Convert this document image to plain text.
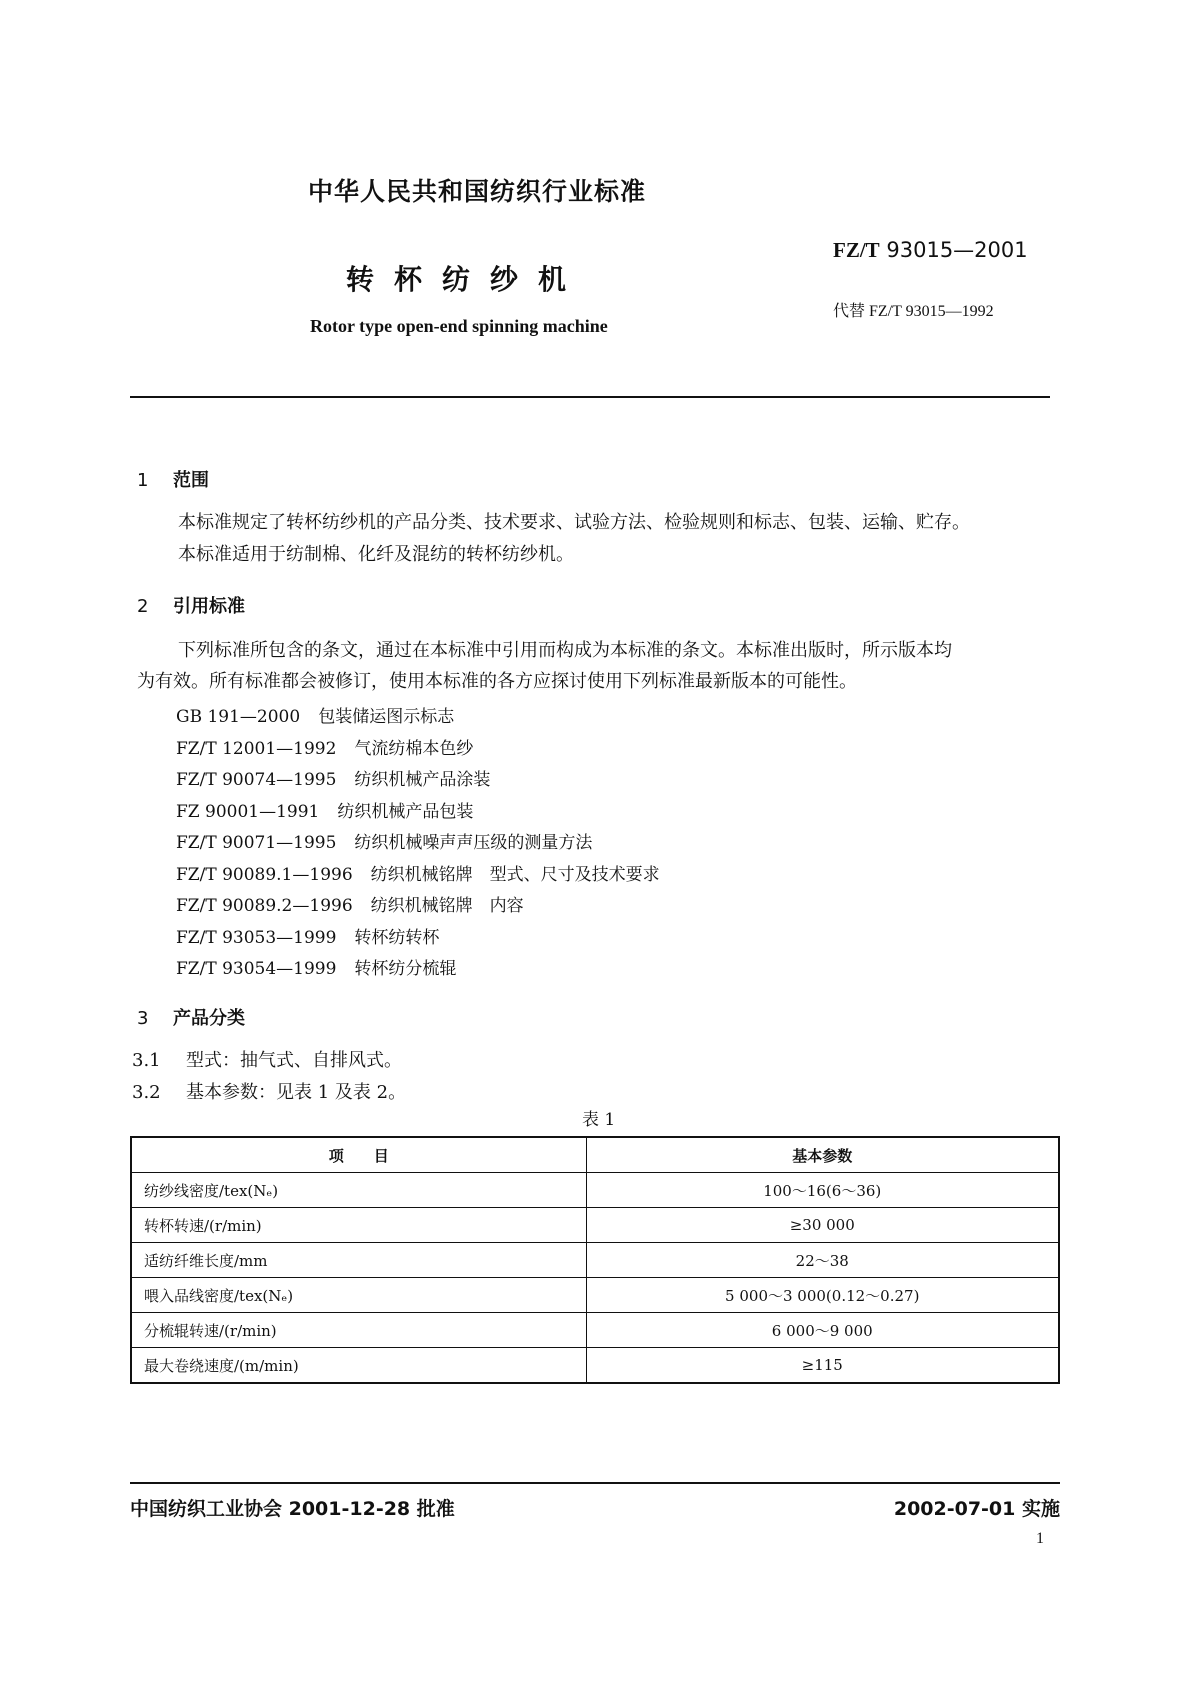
中华人民共和国纺织行业标准
FZ/T 93015—2001
转杯纺纱机
代替 FZ/T 93015—1992
Rotor type open-end spinning machine
1 范围
本标准规定了转杯纺纱机的产品分类、技术要求、试验方法、检验规则和标志、包装、运输、贮存。
本标准适用于纺制棉、化纤及混纺的转杯纺纱机。
2 引用标准
下列标准所包含的条文，通过在本标准中引用而构成为本标准的条文。本标准出版时，所示版本均
为有效。所有标准都会被修订，使用本标准的各方应探讨使用下列标准最新版本的可能性。
GB 191—2000 包装储运图示标志
FZ/T 12001—1992 气流纺棉本色纱
FZ/T 90074—1995 纺织机械产品涂装
FZ 90001—1991 纺织机械产品包装
FZ/T 90071—1995 纺织机械噪声声压级的测量方法
FZ/T 90089.1—1996 纺织机械铭牌　型式、尺寸及技术要求
FZ/T 90089.2—1996 纺织机械铭牌　内容
FZ/T 93053—1999 转杯纺转杯
FZ/T 93054—1999 转杯纺分梳辊
3 产品分类
3.1 型式：抽气式、自排风式。
3.2 基本参数：见表 1 及表 2。
表 1
项　　目	基本参数
纺纱线密度/tex(Nₑ)	100～16(6～36)
转杯转速/(r/min)	≥30 000
适纺纤维长度/mm	22～38
喂入品线密度/tex(Nₑ)	5 000～3 000(0.12～0.27)
分梳辊转速/(r/min)	6 000～9 000
最大卷绕速度/(m/min)	≥115
中国纺织工业协会 2001-12-28 批准	2002-07-01 实施
1
